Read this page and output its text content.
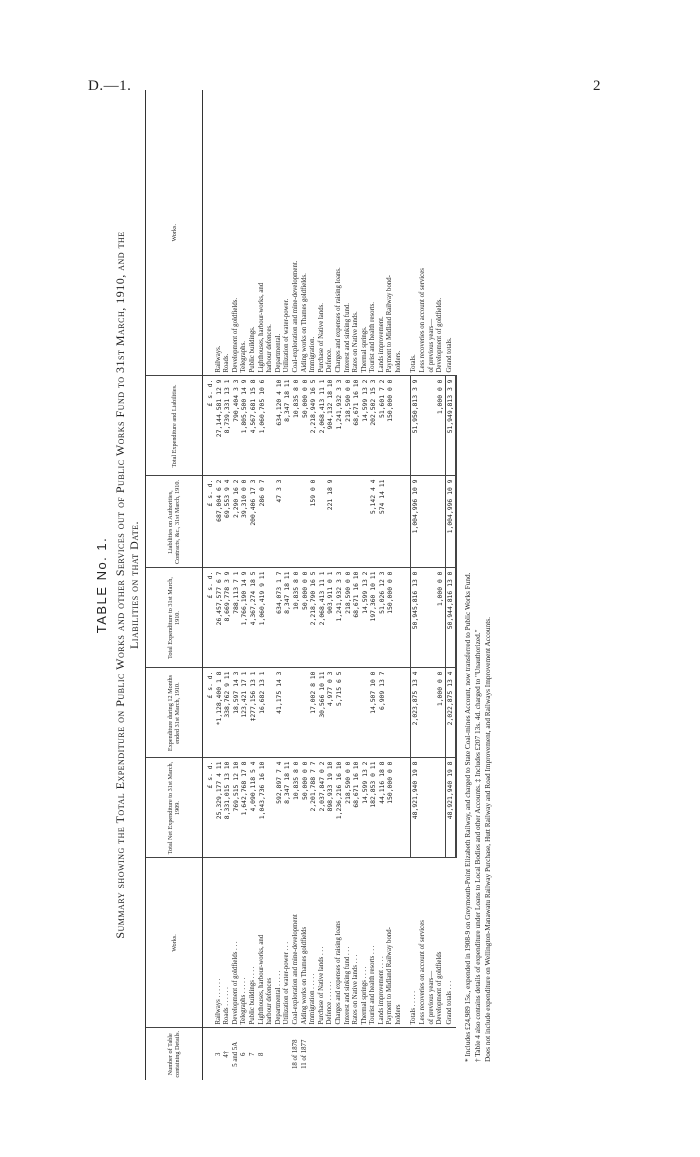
D.—1.	2
TABLE No. 1. Summary showing the Total Expenditure on Public Works and other Services out of Public Works Fund to 31st March, 1910, and the Liabilities on that Date.
Number of Table containing Details.	Works.	Total Net Expenditure to 31st March, 1909.	Expenditure during 12 Months ended 31st March, 1910.	Total Expenditure to 31st March, 1910.	Liabilities on Authorities, Contracts, &c., 31st March, 1910.	Total Expenditure and Liabilities.	Works.
		£ s. d.	£ s. d.	£ s. d.	£ s. d.	£ s. d.	
3	Railways . . . . . .	25,329,177 4 11	*1,128,400 1 8	26,457,577 6 7	687,004 6 2	27,144,581 12 9	Railways.
4†	Roads . . . . . .	8,331,015 13 10	338,762 9 11	8,669,778 3 9	69,553 9 4	8,739,331 13 1	Roads.
5 and 5A	Development of goldfields . . .	769,515 12 10	18,597 14 3	788,113 7 1	2,290 16 2	790,404 3 3	Development of goldfields.
6	Telegraphs . . . . .	1,642,768 17 8	123,421 17 1	1,766,190 14 9	39,310 0 0	1,805,500 14 9	Telegraphs.
7	Public buildings . . . .	4,090,118 5 4	‡277,156 13 1	4,367,274 18 5	200,406 17 3	4,567,681 15 8	Public buildings.
8	Lighthouses, harbour-works, and	1,043,736 16 10	16,682 13 1	1,060,419 9 11	286 0 7	1,060,705 10 6	Lighthouses, harbour-works, and
	harbour defences						harbour defences.
	Departmental . . . . .	592,897 7 4	41,175 14 3	634,073 1 7	47 3 3	634,120 4 10	Departmental.
	Utilization of water-power . . .	8,347 18 11		8,347 18 11		8,347 18 11	Utilization of water-power.
18 of 1878	Coal-exploration and mine-development	10,835 8 0		10,835 8 0		10,835 8 0	Coal-exploration and mine-development.
11 of 1877	Aiding works on Thames goldfields	50,000 0 0		50,000 0 0		50,000 0 0	Aiding works on Thames goldfields.
	Immigration . . . . .	2,201,788 7 7	17,002 8 10	2,218,790 16 5	159 0 0	2,218,949 16 5	Immigration.
	Purchase of Native lands . . .	2,037,847 0 2	30,566 10 11	2,068,413 11 1		2,068,413 11 1	Purchase of Native lands.
	Defence . . . . . .	898,933 19 10	4,977 0 3	903,911 0 1	221 18 9	904,132 18 10	Defence.
	Charges and expenses of raising loans	1,236,216 16 10	5,715 6 5	1,241,932 3 3		1,241,932 3 3	Charges and expenses of raising loans.
	Interest and sinking fund . . .	218,590 0 0		218,590 0 0		218,590 0 0	Interest and sinking fund.
	Rates on Native lands . . .	68,671 16 10		68,671 16 10		68,671 16 10	Rates on Native lands.
	Thermal springs . . . .	14,599 13 2		14,599 13 2		14,599 13 2	Thermal springs.
	Tourist and health resorts . . .	182,853 0 11	14,507 10 0	197,360 10 11	5,142 4 4	202,502 15 3	Tourist and health resorts.
	Lands improvement . . . .	44,116 18 8	6,909 13 7	51,026 12 3	574 14 11	51,601 7 2	Lands improvement.
	Payment to Midland Railway bond-	150,000 0 0		150,000 0 0		150,000 0 0	Payment to Midland Railway bond-
	holders						holders.

	Totals . . . . .	48,921,940 19 8	2,023,875 13 4	50,945,816 13 0	1,004,996 10 9	51,950,813 3 9	Totals.
	Less recoveries on account of services						Less recoveries on account of services
	of previous years—						of previous years—
	Development of goldfields		1,000 0 0	1,000 0 0		1,000 0 0	Development of goldfields.
	Grand totals . . .	48,921,940 19 8	2,022,875 13 4	50,944,816 13 0	1,004,996 10 9	51,949,813 3 9	Grand totals.

* Includes £24,989 15s., expended in 1908-9 on Greymouth-Point Elizabeth Railway, and charged to State Coal-mines Account, now transferred to Public Works Fund. † Table 4 also contains details of expenditure under Loans to Local Bodies and other Accounts. ‡ Includes £207 13s. 4d. charged to "Unauthorized." Does not include expenditure on Wellington-Manawatu Railway Purchase, Hutt Railway and Road Improvement, and Railways Improvement Accounts.
